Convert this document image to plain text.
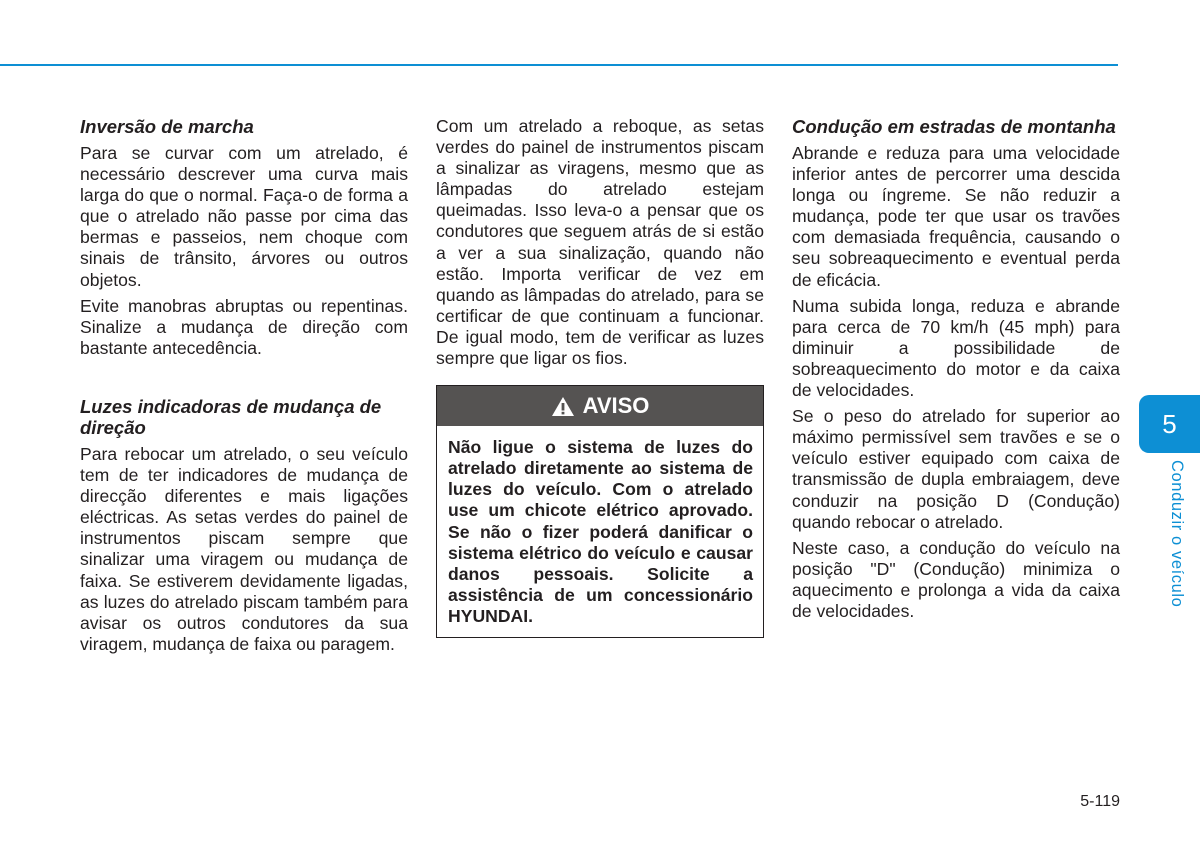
Inversão de marcha

Para se curvar com um atrelado, é necessário descrever uma curva mais larga do que o normal. Faça-o de forma a que o atrelado não passe por cima das bermas e passeios, nem choque com sinais de trânsito, árvores ou outros objetos.

Evite manobras abruptas ou repentinas. Sinalize a mudança de direção com bastante antecedência.

Luzes indicadoras de mudança de direção

Para rebocar um atrelado, o seu veículo tem de ter indicadores de mudança de direcção diferentes e mais ligações eléctricas. As setas verdes do painel de instrumentos piscam sempre que sinalizar uma viragem ou mudança de faixa. Se estiverem devidamente ligadas, as luzes do atrelado piscam também para avisar os outros condutores da sua viragem, mudança de faixa ou paragem.

Com um atrelado a reboque, as setas verdes do painel de instrumentos piscam a sinalizar as viragens, mesmo que as lâmpadas do atrelado estejam queimadas. Isso leva-o a pensar que os condutores que seguem atrás de si estão a ver a sua sinalização, quando não estão. Importa verificar de vez em quando as lâmpadas do atrelado, para se certificar de que continuam a funcionar. De igual modo, tem de verificar as luzes sempre que ligar os fios.

AVISO
Não ligue o sistema de luzes do atrelado diretamente ao sistema de luzes do veículo. Com o atrelado use um chicote elétrico aprovado. Se não o fizer poderá danificar o sistema elétrico do veículo e causar danos pessoais. Solicite a assistência de um concessionário HYUNDAI.
Condução em estradas de montanha

Abrande e reduza para uma velocidade inferior antes de percorrer uma descida longa ou íngreme. Se não reduzir a mudança, pode ter que usar os travões com demasiada frequência, causando o seu sobreaquecimento e eventual perda de eficácia.

Numa subida longa, reduza e abrande para cerca de 70 km/h (45 mph) para diminuir a possibilidade de sobreaquecimento do motor e da caixa de velocidades.

Se o peso do atrelado for superior ao máximo permissível sem travões e se o veículo estiver equipado com caixa de transmissão de dupla embraiagem, deve conduzir na posição D (Condução) quando rebocar o atrelado.

Neste caso, a condução do veículo na posição "D" (Condução) minimiza o aquecimento e prolonga a vida da caixa de velocidades.

5
Conduzir o veículo
5-119
